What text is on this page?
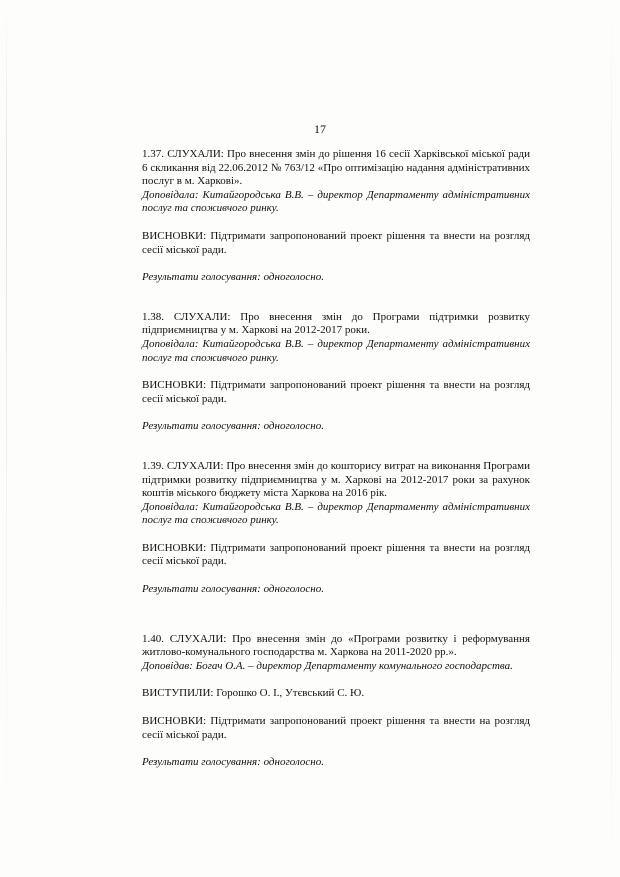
17

1.37. СЛУХАЛИ: Про внесення змін до рішення 16 сесії Харківської міської ради 6 скликання від 22.06.2012 № 763/12 «Про оптимізацію надання адміністративних послуг в м. Харкові».

Доповідала: Китайгородська В.В. – директор Департаменту адміністративних послуг та споживчого ринку.

ВИСНОВКИ: Підтримати запропонований проект рішення та внести на розгляд сесії міської ради.

Результати голосування: одноголосно.

1.38. СЛУХАЛИ: Про внесення змін до Програми підтримки розвитку підприємництва у м. Харкові на 2012-2017 роки.

Доповідала: Китайгородська В.В. – директор Департаменту адміністративних послуг та споживчого ринку.

ВИСНОВКИ: Підтримати запропонований проект рішення та внести на розгляд сесії міської ради.

Результати голосування: одноголосно.

1.39. СЛУХАЛИ: Про внесення змін до кошторису витрат на виконання Програми підтримки розвитку підприємництва у м. Харкові на 2012-2017 роки за рахунок коштів міського бюджету міста Харкова на 2016 рік.

Доповідала: Китайгородська В.В. – директор Департаменту адміністративних послуг та споживчого ринку.

ВИСНОВКИ: Підтримати запропонований проект рішення та внести на розгляд сесії міської ради.

Результати голосування: одноголосно.

1.40. СЛУХАЛИ: Про внесення змін до «Програми розвитку і реформування житлово-комунального господарства м. Харкова на 2011-2020 рр.».

Доповідав: Богач О.А. – директор Департаменту комунального господарства.

ВИСТУПИЛИ: Горошко О. І., Утєвський С. Ю.

ВИСНОВКИ: Підтримати запропонований проект рішення та внести на розгляд сесії міської ради.

Результати голосування: одноголосно.
